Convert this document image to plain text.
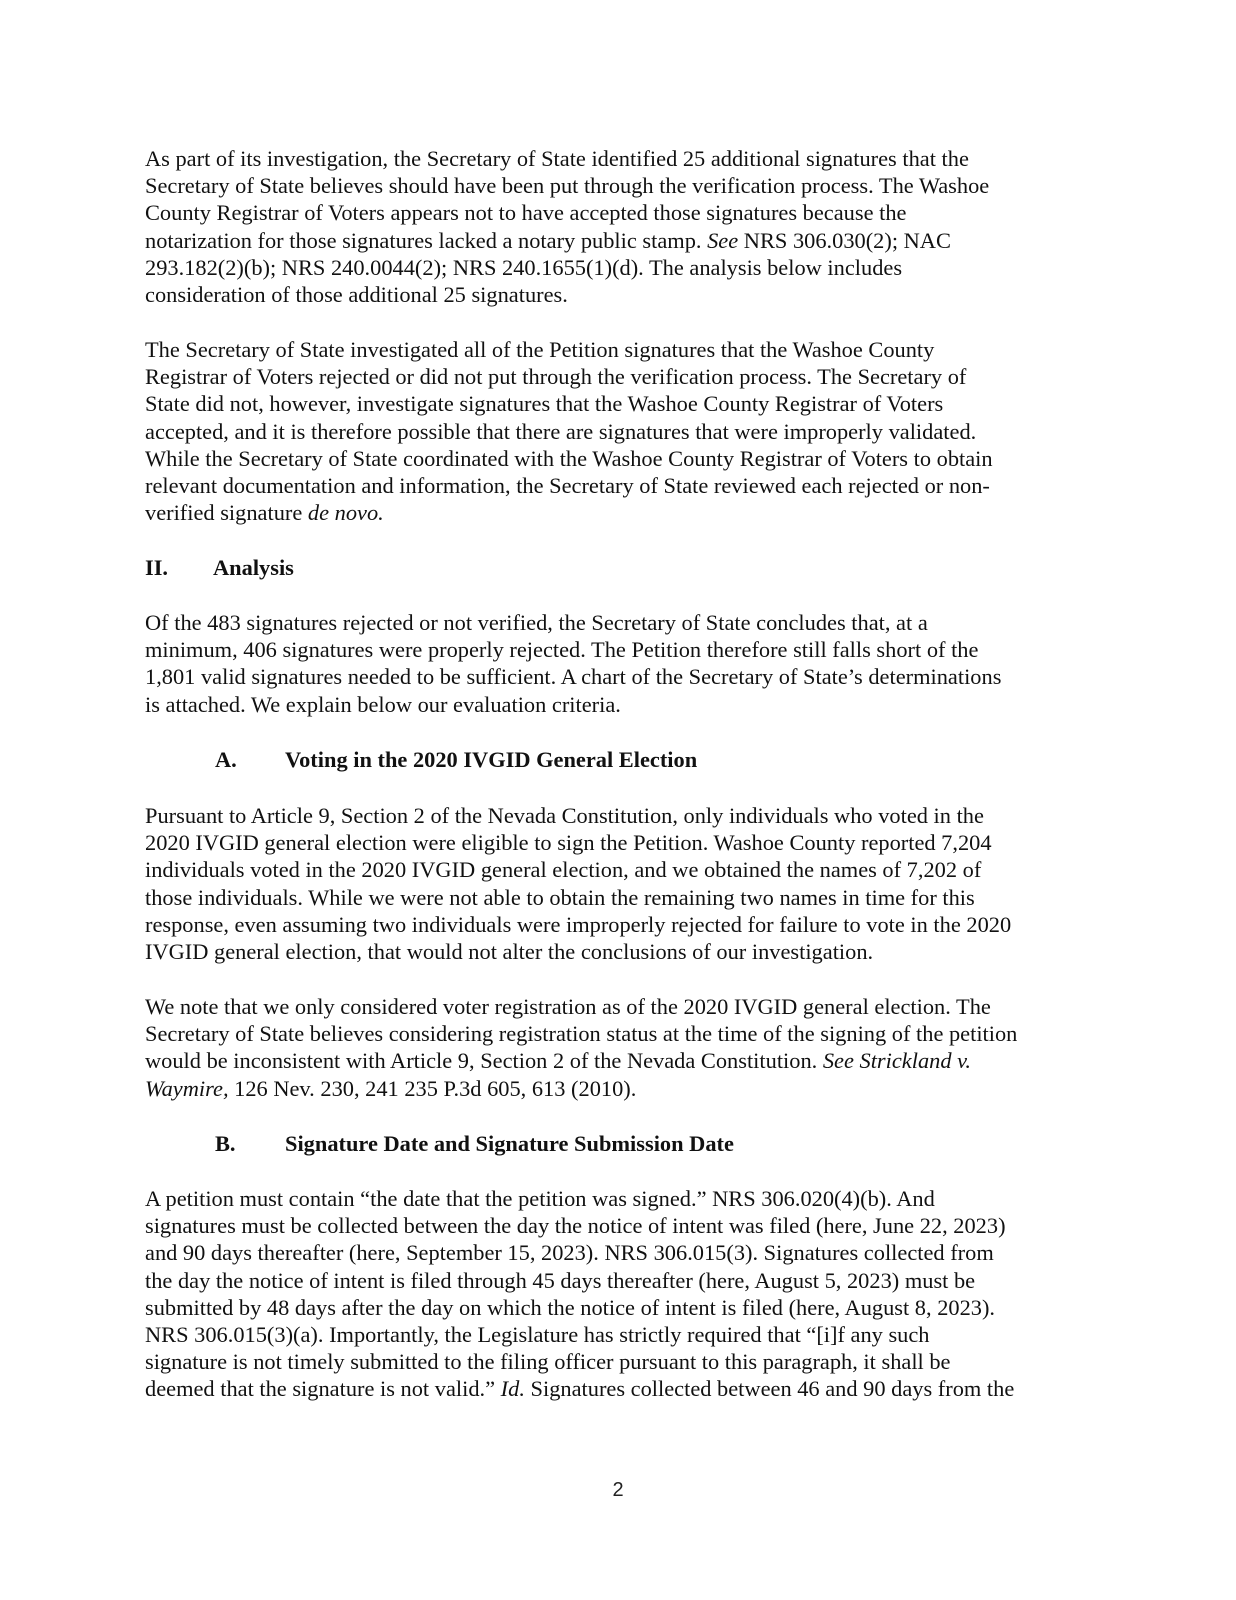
As part of its investigation, the Secretary of State identified 25 additional signatures that the
Secretary of State believes should have been put through the verification process. The Washoe
County Registrar of Voters appears not to have accepted those signatures because the
notarization for those signatures lacked a notary public stamp. See NRS 306.030(2); NAC
293.182(2)(b); NRS 240.0044(2); NRS 240.1655(1)(d). The analysis below includes
consideration of those additional 25 signatures.
The Secretary of State investigated all of the Petition signatures that the Washoe County
Registrar of Voters rejected or did not put through the verification process. The Secretary of
State did not, however, investigate signatures that the Washoe County Registrar of Voters
accepted, and it is therefore possible that there are signatures that were improperly validated.
While the Secretary of State coordinated with the Washoe County Registrar of Voters to obtain
relevant documentation and information, the Secretary of State reviewed each rejected or non-
verified signature de novo.
II. Analysis
Of the 483 signatures rejected or not verified, the Secretary of State concludes that, at a
minimum, 406 signatures were properly rejected. The Petition therefore still falls short of the
1,801 valid signatures needed to be sufficient. A chart of the Secretary of State’s determinations
is attached. We explain below our evaluation criteria.
A. Voting in the 2020 IVGID General Election
Pursuant to Article 9, Section 2 of the Nevada Constitution, only individuals who voted in the
2020 IVGID general election were eligible to sign the Petition. Washoe County reported 7,204
individuals voted in the 2020 IVGID general election, and we obtained the names of 7,202 of
those individuals. While we were not able to obtain the remaining two names in time for this
response, even assuming two individuals were improperly rejected for failure to vote in the 2020
IVGID general election, that would not alter the conclusions of our investigation.
We note that we only considered voter registration as of the 2020 IVGID general election. The
Secretary of State believes considering registration status at the time of the signing of the petition
would be inconsistent with Article 9, Section 2 of the Nevada Constitution. See Strickland v.
Waymire, 126 Nev. 230, 241 235 P.3d 605, 613 (2010).
B. Signature Date and Signature Submission Date
A petition must contain “the date that the petition was signed.” NRS 306.020(4)(b). And
signatures must be collected between the day the notice of intent was filed (here, June 22, 2023)
and 90 days thereafter (here, September 15, 2023). NRS 306.015(3). Signatures collected from
the day the notice of intent is filed through 45 days thereafter (here, August 5, 2023) must be
submitted by 48 days after the day on which the notice of intent is filed (here, August 8, 2023).
NRS 306.015(3)(a). Importantly, the Legislature has strictly required that “[i]f any such
signature is not timely submitted to the filing officer pursuant to this paragraph, it shall be
deemed that the signature is not valid.” Id. Signatures collected between 46 and 90 days from the
2
